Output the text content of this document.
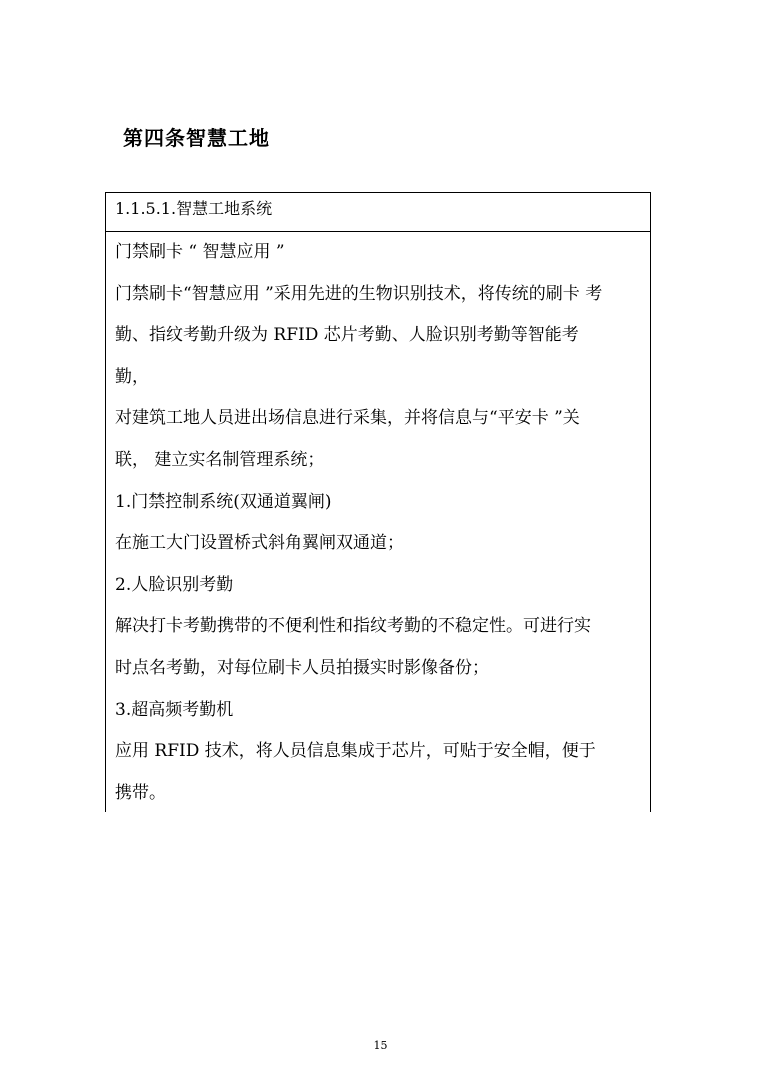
第四条智慧工地
1.1.5.1.智慧工地系统
门禁刷卡 “ 智慧应用 ”
门禁刷卡“智慧应用 ”采用先进的生物识别技术，将传统的刷卡 考
勤、指纹考勤升级为 RFID 芯片考勤、人脸识别考勤等智能考
勤，
对建筑工地人员进出场信息进行采集，并将信息与“平安卡 ”关
联， 建立实名制管理系统；
1.门禁控制系统(双通道翼闸)
在施工大门设置桥式斜角翼闸双通道；
2.人脸识别考勤
解决打卡考勤携带的不便利性和指纹考勤的不稳定性。可进行实
时点名考勤，对每位刷卡人员拍摄实时影像备份；
3.超高频考勤机
应用 RFID 技术，将人员信息集成于芯片，可贴于安全帽，便于
携带。
15
